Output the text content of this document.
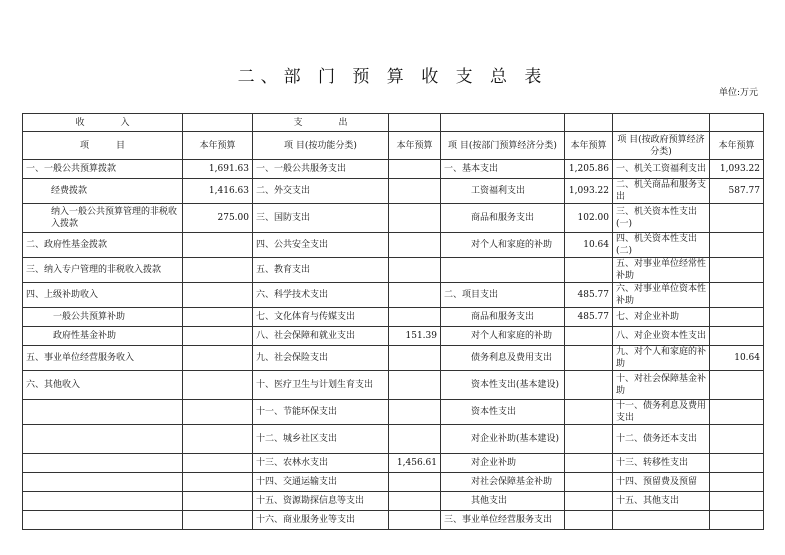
二、部 门 预 算 收 支 总 表
单位:万元
收　　　　入		支　　　　出					
项　　　目	本年预算	项 目(按功能分类)	本年预算	项 目(按部门预算经济分类)	本年预算	项 目(按政府预算经济分类)	本年预算
一、一般公共预算拨款	1,691.63	一、一般公共服务支出		一、基本支出	1,205.86	一、机关工资福利支出	1,093.22
经费拨款	1,416.63	二、外交支出		工资福利支出	1,093.22	二、机关商品和服务支出	587.77
纳入一般公共预算管理的非税收入拨款	275.00	三、国防支出		商品和服务支出	102.00	三、机关资本性支出(一)	
二、政府性基金拨款		四、公共安全支出		对个人和家庭的补助	10.64	四、机关资本性支出(二)	
三、纳入专户管理的非税收入拨款		五、教育支出				五、对事业单位经常性补助	
四、上级补助收入		六、科学技术支出		二、项目支出	485.77	六、对事业单位资本性补助	
一般公共预算补助		七、文化体育与传媒支出		商品和服务支出	485.77	七、对企业补助	
政府性基金补助		八、社会保障和就业支出	151.39	对个人和家庭的补助		八、对企业资本性支出	
五、事业单位经营服务收入		九、社会保险支出		债务利息及费用支出		九、对个人和家庭的补助	10.64
六、其他收入		十、医疗卫生与计划生育支出		资本性支出(基本建设)		十、对社会保障基金补助	
		十一、节能环保支出		资本性支出		十一、债务利息及费用支出	
		十二、城乡社区支出		对企业补助(基本建设)		十二、债务还本支出	
		十三、农林水支出	1,456.61	对企业补助		十三、转移性支出	
		十四、交通运输支出		对社会保障基金补助		十四、预留费及预留	
		十五、资源勘探信息等支出		其他支出		十五、其他支出	
		十六、商业服务业等支出		三、事业单位经营服务支出			
